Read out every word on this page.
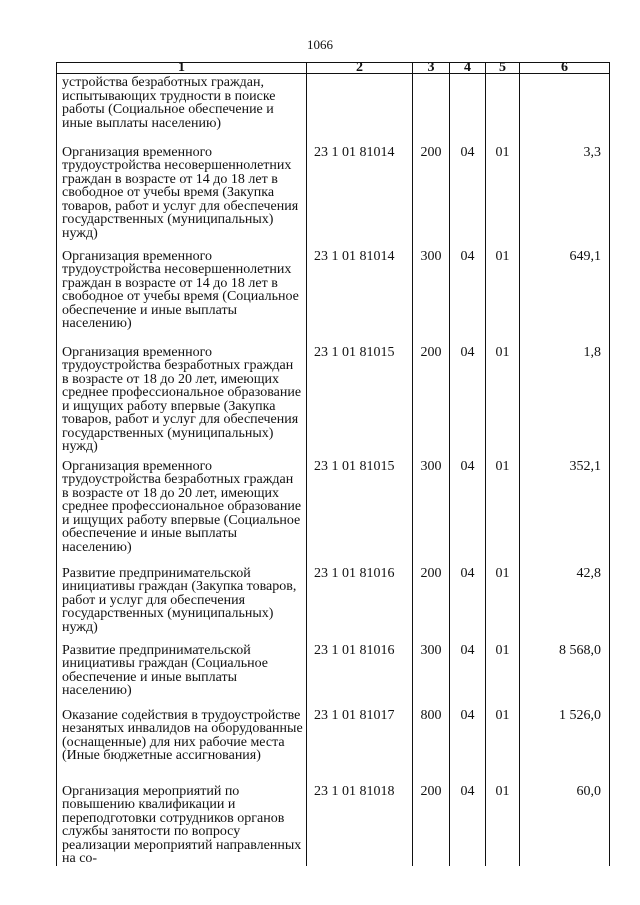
1066
1	2	3	4	5	6
устройства безработных граждан, испытывающих трудности в поиске работы (Социальное обеспечение и иные выплаты населению)					
Организация временного трудоустройства несовершеннолетних граждан в возрасте от 14 до 18 лет в свободное от учебы время (Закупка товаров, работ и услуг для обеспечения государственных (муниципальных) нужд)	23 1 01 81014	200	04	01	3,3
Организация временного трудоустройства несовершеннолетних граждан в возрасте от 14 до 18 лет в свободное от учебы время (Социальное обеспечение и иные выплаты населению)	23 1 01 81014	300	04	01	649,1
Организация временного трудоустройства безработных граждан в возрасте от 18 до 20 лет, имеющих среднее профессиональное образование и ищущих работу впервые (Закупка товаров, работ и услуг для обеспечения государственных (муниципальных) нужд)	23 1 01 81015	200	04	01	1,8
Организация временного трудоустройства безработных граждан в возрасте от 18 до 20 лет, имеющих среднее профессиональное образование и ищущих работу впервые (Социальное обеспечение и иные выплаты населению)	23 1 01 81015	300	04	01	352,1
Развитие предпринимательской инициативы граждан (Закупка товаров, работ и услуг для обеспечения государственных (муниципальных) нужд)	23 1 01 81016	200	04	01	42,8
Развитие предпринимательской инициативы граждан (Социальное обеспечение и иные выплаты населению)	23 1 01 81016	300	04	01	8 568,0
Оказание содействия в трудоустройстве незанятых инвалидов на оборудованные (оснащенные) для них рабочие места (Иные бюджетные ассигнования)	23 1 01 81017	800	04	01	1 526,0
Организация мероприятий по повышению квалификации и переподготовки сотрудников органов службы занятости по вопросу реализации мероприятий направленных на со-	23 1 01 81018	200	04	01	60,0
